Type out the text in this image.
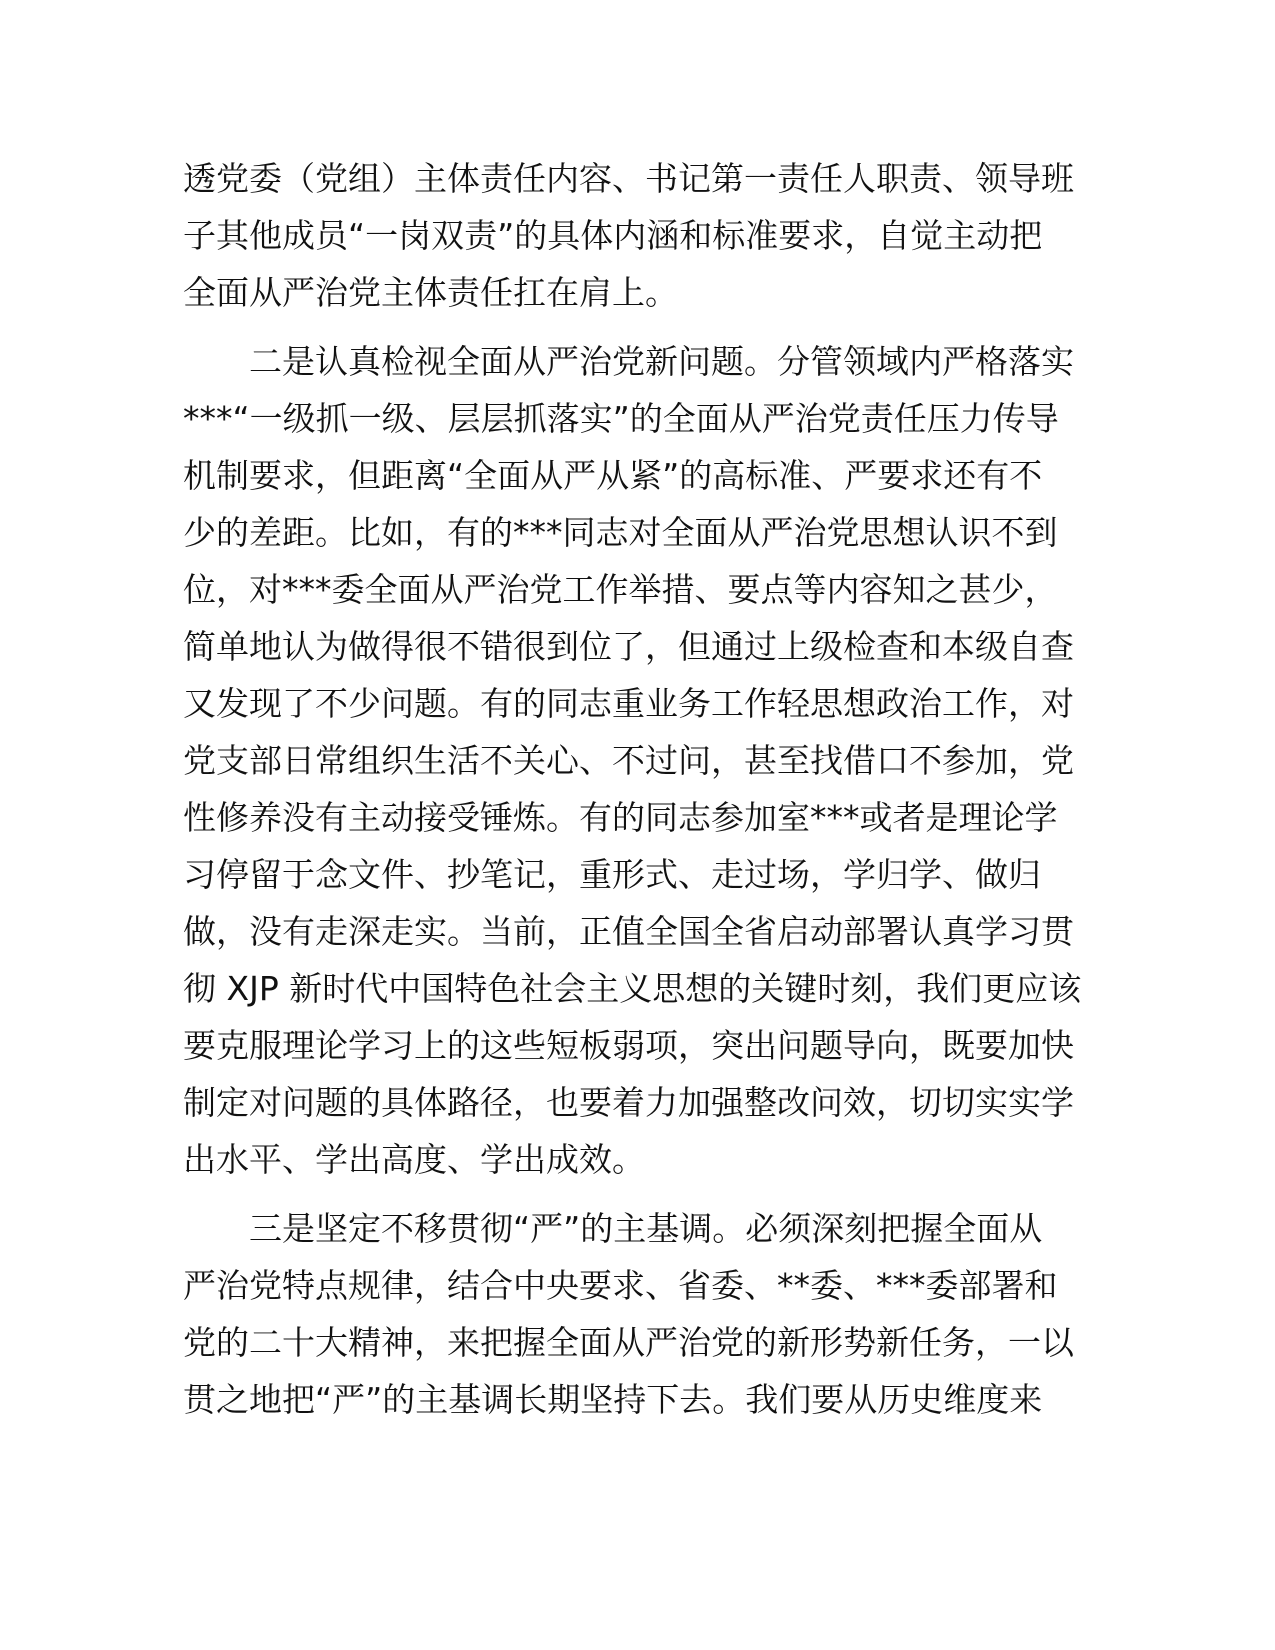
透党委（党组）主体责任内容、书记第一责任人职责、领导班
子其他成员“一岗双责”的具体内涵和标准要求，自觉主动把
全面从严治党主体责任扛在肩上。

二是认真检视全面从严治党新问题。分管领域内严格落实
***“一级抓一级、层层抓落实”的全面从严治党责任压力传导
机制要求，但距离“全面从严从紧”的高标准、严要求还有不
少的差距。比如，有的***同志对全面从严治党思想认识不到
位，对***委全面从严治党工作举措、要点等内容知之甚少，
简单地认为做得很不错很到位了，但通过上级检查和本级自查
又发现了不少问题。有的同志重业务工作轻思想政治工作，对
党支部日常组织生活不关心、不过问，甚至找借口不参加，党
性修养没有主动接受锤炼。有的同志参加室***或者是理论学
习停留于念文件、抄笔记，重形式、走过场，学归学、做归
做，没有走深走实。当前，正值全国全省启动部署认真学习贯
彻 XJP 新时代中国特色社会主义思想的关键时刻，我们更应该
要克服理论学习上的这些短板弱项，突出问题导向，既要加快
制定对问题的具体路径，也要着力加强整改问效，切切实实学
出水平、学出高度、学出成效。

三是坚定不移贯彻“严”的主基调。必须深刻把握全面从
严治党特点规律，结合中央要求、省委、**委、***委部署和
党的二十大精神，来把握全面从严治党的新形势新任务，一以
贯之地把“严”的主基调长期坚持下去。我们要从历史维度来
